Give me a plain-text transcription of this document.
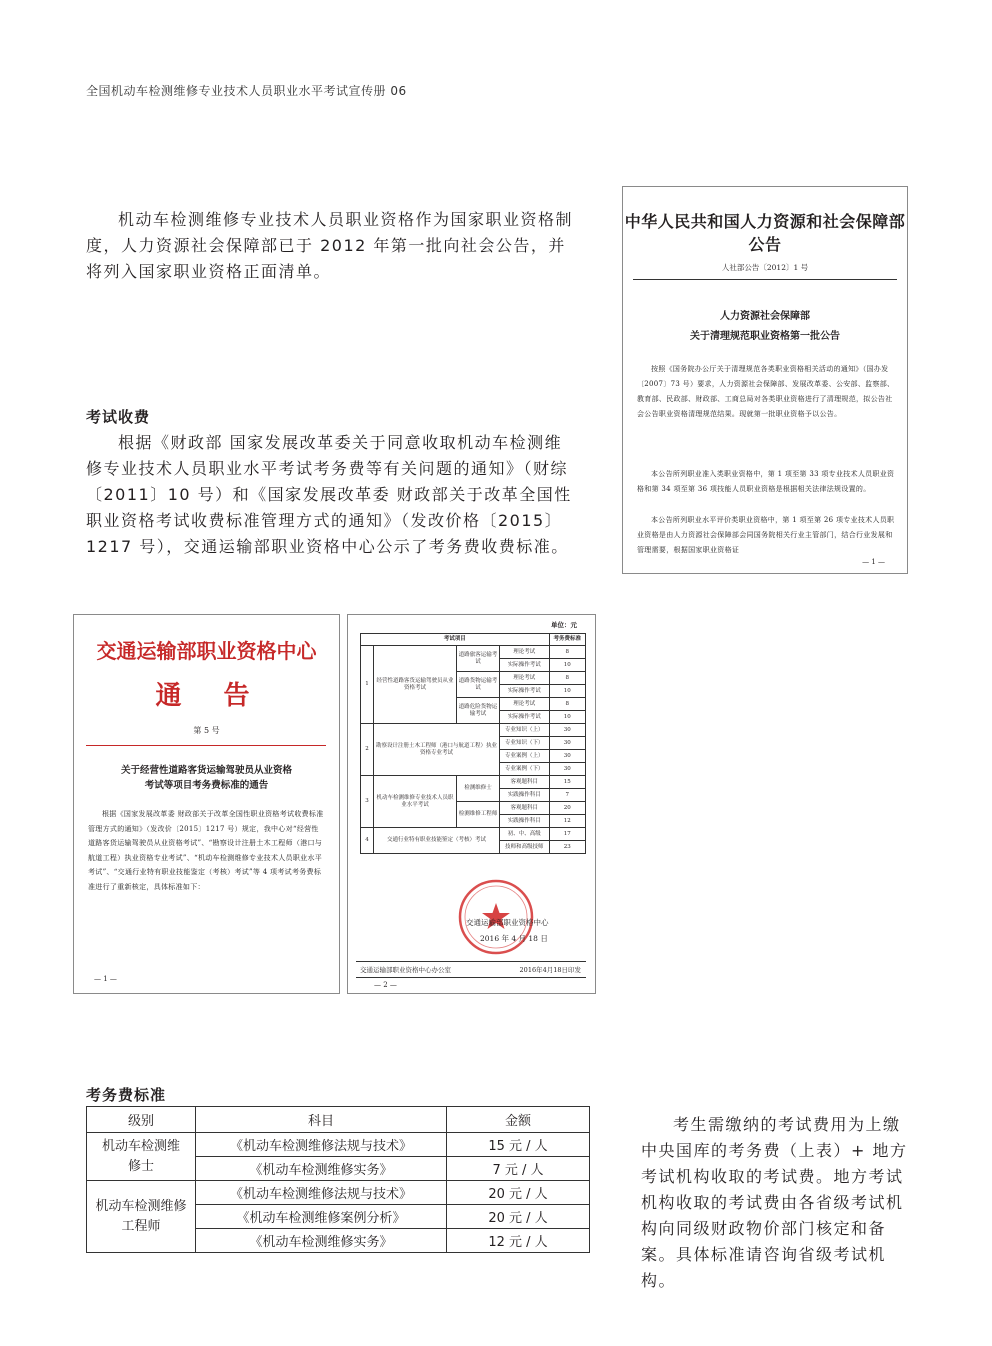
全国机动车检测维修专业技术人员职业水平考试宣传册 06

机动车检测维修专业技术人员职业资格作为国家职业资格制度，人力资源社会保障部已于 2012 年第一批向社会公告，并将列入国家职业资格正面清单。

考试收费

根据《财政部 国家发展改革委关于同意收取机动车检测维修专业技术人员职业水平考试考务费等有关问题的通知》（财综〔2011〕10 号）和《国家发展改革委 财政部关于改革全国性职业资格考试收费标准管理方式的通知》（发改价格〔2015〕1217 号），交通运输部职业资格中心公示了考务费收费标准。

中华人民共和国人力资源和社会保障部公告
人社部公告〔2012〕1 号
人力资源社会保障部
关于清理规范职业资格第一批公告
按照《国务院办公厅关于清理规范各类职业资格相关活动的通知》（国办发〔2007〕73 号）要求，人力资源社会保障部、发展改革委、公安部、监察部、教育部、民政部、财政部、工商总局对各类职业资格进行了清理规范，拟公告社会公告职业资格清理规范结果。现就第一批职业资格予以公告。
本公告所列职业准入类职业资格中，第 1 项至第 33 项专业技术人员职业资格和第 34 项至第 36 项技能人员职业资格是根据相关法律法规设置的。
本公告所列职业水平评价类职业资格中，第 1 项至第 26 项专业技术人员职业资格是由人力资源社会保障部会同国务院相关行业主管部门，结合行业发展和管理需要，根据国家职业资格证
— 1 —
交通运输部职业资格中心
通　告
第 5 号
关于经营性道路客货运输驾驶员从业资格
考试等项目考务费标准的通告
根据《国家发展改革委 财政部关于改革全国性职业资格考试收费标准管理方式的通知》（发改价〔2015〕1217 号）规定，我中心对“经营性道路客货运输驾驶员从业资格考试”、“勘察设计注册土木工程师（港口与航道工程）执业资格专业考试”、“机动车检测维修专业技术人员职业水平考试”、“交通行业特有职业技能鉴定（考核）考试”等 4 项考试考务费标准进行了重新核定，具体标准如下：
— 1 —
单位：元
考试项目				考务费标准
1	经营性道路客货运输驾驶员从业资格考试	道路旅客运输考试	理论考试	8
			实际操作考试	10
		道路货物运输考试	理论考试	8
			实际操作考试	10
		道路危险货物运输考试	理论考试	8
			实际操作考试	10
2	勘察设计注册土木工程师（港口与航道工程）执业资格专业考试		专业知识（上）	30
			专业知识（下）	30
			专业案例（上）	30
			专业案例（下）	30
3	机动车检测维修专业技术人员职业水平考试	检测维修士	客观题科目	15
			实践操作科目	7
		检测维修工程师	客观题科目	20
			实践操作科目	12
4	交通行业特有职业技能鉴定（考核）考试		初、中、高级	17
			技师和高级技师	23
交通运输部职业资格中心
2016 年 4 月 18 日
交通运输部职业资格中心办公室	2016年4月18日印发
— 2 —
考务费标准
级别	科目	金额
机动车检测维修士	《机动车检测维修法规与技术》	15 元 / 人
	《机动车检测维修实务》	7 元 / 人
机动车检测维修工程师	《机动车检测维修法规与技术》	20 元 / 人
	《机动车检测维修案例分析》	20 元 / 人
	《机动车检测维修实务》	12 元 / 人

考生需缴纳的考试费用为上缴中央国库的考务费（上表）+ 地方考试机构收取的考试费。地方考试机构收取的考试费由各省级考试机构向同级财政物价部门核定和备案。具体标准请咨询省级考试机构。
